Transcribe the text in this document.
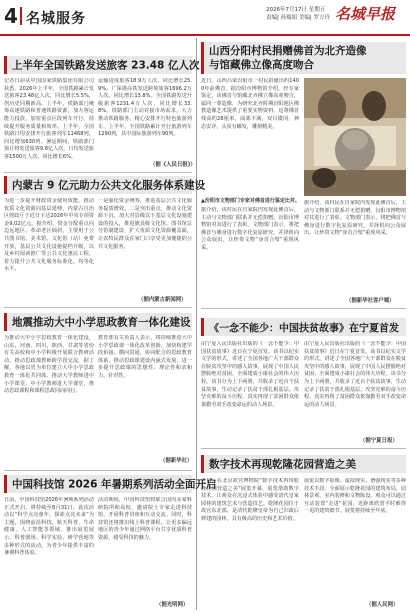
4 名城服务
2026年7月17日 星期五
责编| 孙瑞娟 美编| 罗方玲 名城早报
上半年全国铁路发送旅客 23.48 亿人次
记者日前从中国国家铁路集团有限公司获悉，2026年上半年，全国铁路累计发送旅客23.48亿人次，同比增长5.5%，创历史同期新高。上半年，铁路部门统筹高速铁路和普速铁路资源，加大客运能力投放，加密重点区段列车开行，持续提升服务质量和效率。上半年，全国铁路日均安排开行旅客列车11468列，同比增加630列。暑运期间，铁路部门预计将发送旅客9.8亿人次，日均发送旅客1500万人次，同比增长6%。
运输进度旅客18.9万人次，同比增长25.9%。广深港高铁发送跨境旅客1696.2万人次，同比增长13.8%。全国铁路发送升级旅客1231.4万人次，同比增长33.8%。铁路部门主动对接市场需求，大力推动铁路服务，精心安排开行特色旅游列车。上半年，全国铁路累计开行旅游列车1290列，其中国际旅游列车90列。
（据《人民日报》）
内蒙古 9 亿元助力公共文化服务体系建设
为进一步提升财政资金使用效能，推动优质文化资源向基层延伸，内蒙古自治区财政厅于近日下达2026年中央专项资金9.02亿元。据介绍，资金分配重点向边远地区、革命老区倾斜，主要用于公共图书馆、美术馆、文化馆（站）免费开放，基层公共文化设施提档升级，以及乡村阅读推广等公共文化惠民工程，着力提升公共文化服务标准化、均等化水平。
一是强化资金统筹，推进基层公共文化服务提质增效。二是突出重点，推动文化资源下沉，加大对县级以下基层文化设施建设的投入，推进旗县级文化馆、图书馆总分馆制建设，扩大优质文化资源覆盖面，让农牧民群众在家门口享受更加便捷的公共文化服务。
（据内蒙古新闻网）
地震推动大中小学思政教育一体化建设
为推动大中小学思政教育一体化建设，山东、河南、四川、陕西、甘肃等省份有关高校和中小学积极开展联合教研活动，推动思政课教师跨学段交流。据了解，各地以省为单位建立大中小学思政教育一体化共同体，推动大学教师进中小学课堂、中小学教师进大学课堂，推动思政课程和课程思政同向同行。
教育部有关负责人表示，将持续推进大中小学思政课一体化改革创新，加快构建学段衔接、横向贯通、协同配合的思政教育体系，推动思政课建设内涵式发展，进一步提升思政课的思想性、理论性和亲和力、针对性。
（据新华社）
中国科技馆 2026 年暑期系列活动全面开启
日前，中国科技馆2026年暑期系列活动正式开启，将持续至8月31日。此次活动以“科学点亮童年，探索点亮未来”为主题，围绕前沿科技、航天科普、生命健康、人工智能等领域，推出展览展示、科普剧场、科学实验、研学营地等多种形式的活动，为青少年提供丰富的暑期科普体验。
活动期间，中国科技馆将联合国内多家科研院所和高校，邀请院士专家走进科技馆，开展科普讲座和互动交流。同时，科技馆还将推出线上科普课程，让更多偏远地区的青少年通过网络平台共享优质科普资源，感受科技的魅力。
（据光明网）
山西分阳村民捐赠佛首为北齐造像
与馆藏佛立像高度吻合
近日，山西吕梁汾阳市一村民捐献出约1400年前佛首。据汾阳市博物馆介绍，经专家鉴定，该佛首与馆藏北齐佛立像高度吻合，属同一尊造像，为研究北齐时期汾阳地区佛教造像艺术提供了重要实物资料。这尊佛首残高约28厘米，面部丰满，双目微闭，神态安详，头顶有螺发，雕刻精美。
▲汾阳市文物部门专家对佛首进行鉴定比对。
据介绍，该村民在自家院内发现此佛首后，主动与文物部门联系并无偿捐赠。汾阳市博物馆对其进行了表彰。文物部门表示，将把佛首与佛身进行数字化复原研究，并择机向公众展出，让珍贵文物“身首合璧”重现风采。
据介绍，该村民在自家院内发现此佛首后，主动与文物部门联系并无偿捐赠。汾阳市博物馆对其进行了表彰。文物部门表示，将把佛首与佛身进行数字化复原研究，并择机向公众展出，让珍贵文物“身首合璧”重现风采。
（据新华社客户端）
《一念不能少：中国扶贫故事》在宁夏首发
由宁夏人民出版社出版的《一念不能少：中国扶贫故事》近日在宁夏首发。该书以纪实文学的形式，讲述了全国各地广大干部群众在脱贫攻坚中的感人故事，展现了中国人民摆脱绝对贫困、全面建成小康社会的伟大历程。该书分为上下两册，共收录了近百个扶贫故事，生动记录了扶贫干部扎根基层、攻坚克难的奋斗历程，真实再现了贫困群众依靠勤劳双手改变命运的动人场景。
由宁夏人民出版社出版的《一念不能少：中国扶贫故事》近日在宁夏首发。该书以纪实文学的形式，讲述了全国各地广大干部群众在脱贫攻坚中的感人故事，展现了中国人民摆脱绝对贫困、全面建成小康社会的伟大历程。该书分为上下两册，共收录了近百个扶贫故事，生动记录了扶贫干部扎根基层、攻坚克难的奋斗历程，真实再现了贫困群众依靠勤劳双手改变命运的动人场景。
（据宁夏日报）
数字技术再现乾隆花园营造之美
近日，在北京故宫博物院“数字技术再现乾隆花园营造之美”展览开幕，展览借助数字技术，让观众在沉浸式体验中感受清代皇家园林的建筑艺术与营造技艺。乾隆花园位于故宫东北部，是清代乾隆皇帝为自己归政后修建的园林，具有极高的历史和艺术价值。
展览以数字影像、虚拟现实、增强现实等多种技术手段，全面展示乾隆花园的建筑布局、园林景观、室内装修和文物陈设。观众可以通过互动装置“走进”花园，近距离欣赏平时难得一见的建筑细节。展览将持续至年底。
（据人民网）
